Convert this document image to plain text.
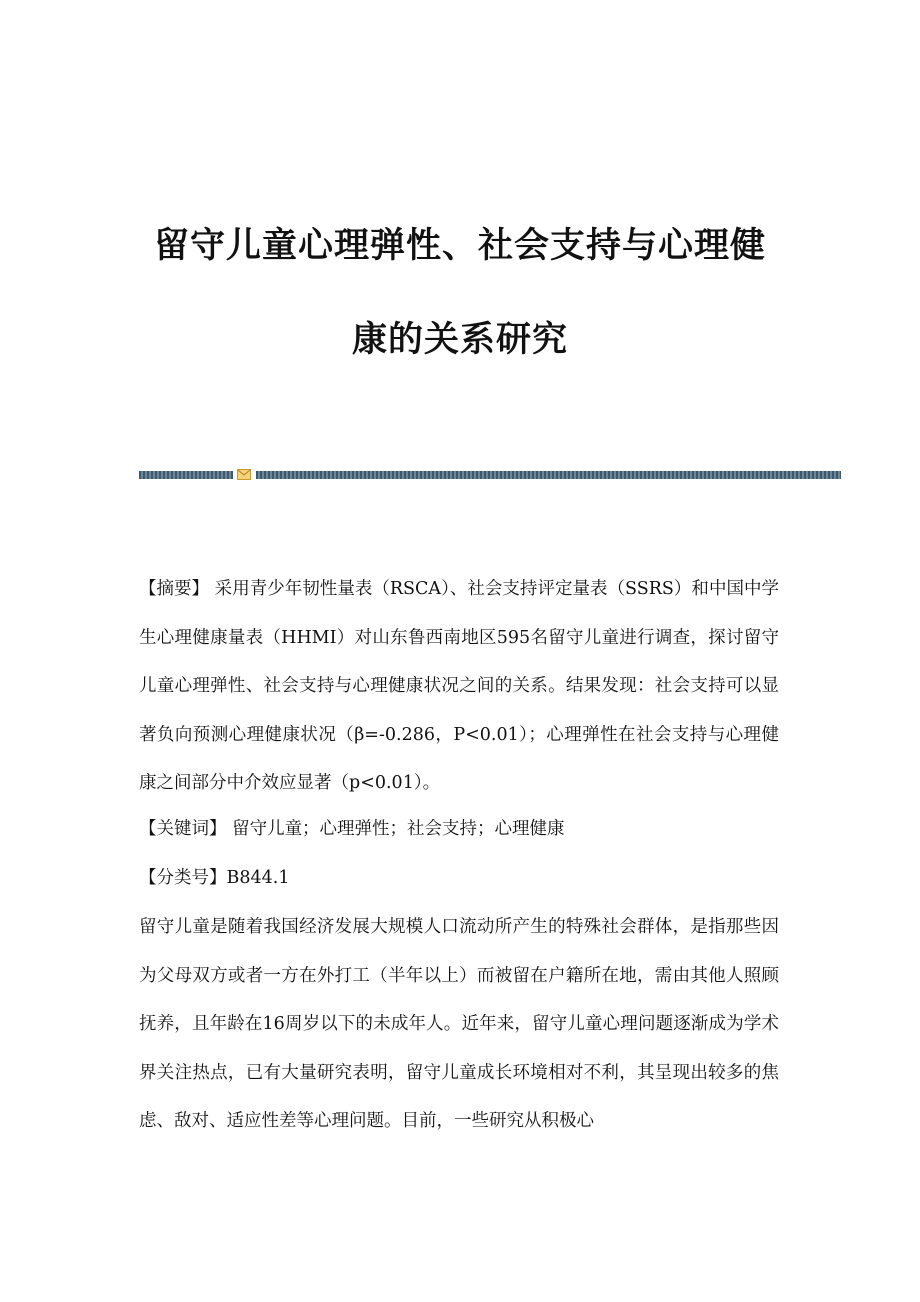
留守儿童心理弹性、社会支持与心理健
康的关系研究

【摘要】 采用青少年韧性量表（RSCA）、社会支持评定量表（SSRS）和中国中学生心理健康量表（HHMI）对山东鲁西南地区595名留守儿童进行调查，探讨留守儿童心理弹性、社会支持与心理健康状况之间的关系。结果发现：社会支持可以显著负向预测心理健康状况（β=-0.286，P<0.01）；心理弹性在社会支持与心理健康之间部分中介效应显著（p<0.01）。

【关键词】 留守儿童；心理弹性；社会支持；心理健康

【分类号】B844.1

留守儿童是随着我国经济发展大规模人口流动所产生的特殊社会群体，是指那些因为父母双方或者一方在外打工（半年以上）而被留在户籍所在地，需由其他人照顾抚养，且年龄在16周岁以下的未成年人。近年来，留守儿童心理问题逐渐成为学术界关注热点，已有大量研究表明，留守儿童成长环境相对不利，其呈现出较多的焦虑、敌对、适应性差等心理问题。目前，一些研究从积极心
